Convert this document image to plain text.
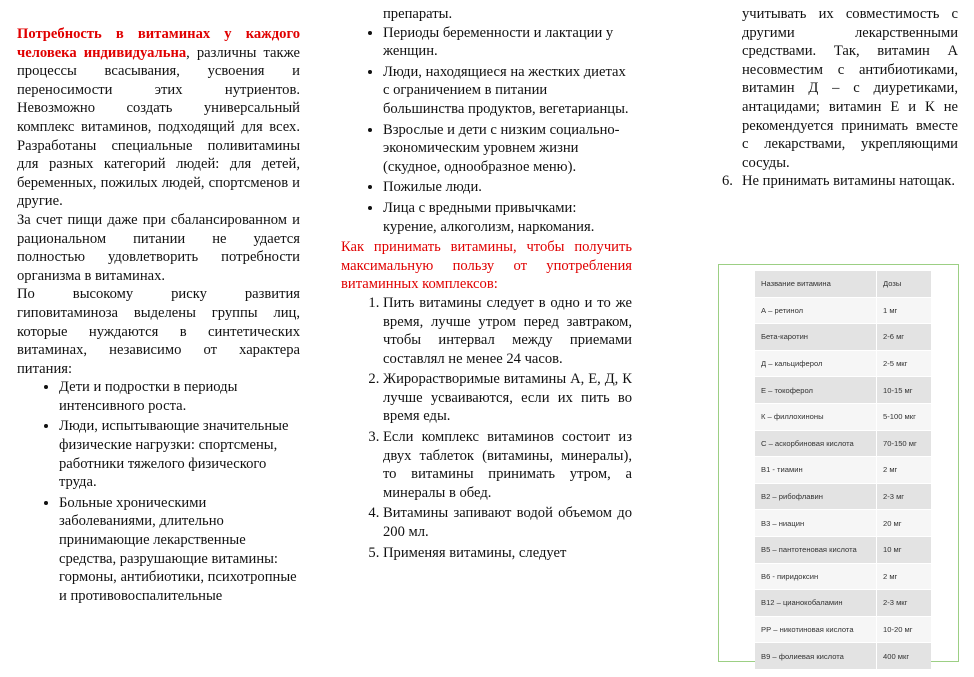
Потребность в витаминах у каждого человека индивидуальна, различны также процессы всасывания, усвоения и переносимости этих нутриентов. Невозможно создать универсальный комплекс витаминов, подходящий для всех. Разработаны специальные поливитамины для разных категорий людей: для детей, беременных, пожилых людей, спортсменов и другие.

За счет пищи даже при сбалансированном и рациональном питании не удается полностью удовлетворить потребности организма в витаминах.

По высокому риску развития гиповитаминоза выделены группы лиц, которые нуждаются в синтетических витаминах, независимо от характера питания:

• Дети и подростки в периоды интенсивного роста.
• Люди, испытывающие значительные физические нагрузки: спортсмены, работники тяжелого физического труда.
• Больные хроническими заболеваниями, длительно принимающие лекарственные средства, разрушающие витамины: гормоны, антибиотики, психотропные и противовоспалительные

препараты.

• Периоды беременности и лактации у женщин.
• Люди, находящиеся на жестких диетах с ограничением в питании большинства продуктов, вегетарианцы.
• Взрослые и дети с низким социально-экономическим уровнем жизни (скудное, однообразное меню).
• Пожилые люди.
• Лица с вредными привычками: курение, алкоголизм, наркомания.

Как принимать витамины, чтобы получить максимальную пользу от употребления витаминных комплексов:

1. Пить витамины следует в одно и то же время, лучше утром перед завтраком, чтобы интервал между приемами составлял не менее 24 часов.
2. Жирорастворимые витамины А, Е, Д, К лучше усваиваются, если их пить во время еды.
3. Если комплекс витаминов состоит из двух таблеток (витамины, минералы), то витамины принимать утром, а минералы в обед.
4. Витамины запивают водой объемом до 200 мл.
5. Применяя витамины, следует

учитывать их совместимость с другими лекарственными средствами. Так, витамин А несовместим с антибиотиками, витамин Д – с диуретиками, антацидами; витамин Е и К не рекомендуется принимать вместе с лекарствами, укрепляющими сосуды.

6. Не принимать витамины натощак.

Название витамина	Дозы
А – ретинол	1 мг
Бета-каротин	2-6 мг
Д – кальциферол	2-5 мкг
Е – токоферол	10-15 мг
К – филлохиноны	5-100 мкг
С – аскорбиновая кислота	70-150 мг
В1 - тиамин	2 мг
В2 – рибофлавин	2-3 мг
В3 – ниацин	20 мг
В5 – пантотеновая кислота	10 мг
В6 - пиридоксин	2 мг
В12 – цианокобаламин	2-3 мкг
РР – никотиновая кислота	10-20 мг
В9 – фолиевая кислота	400 мкг
